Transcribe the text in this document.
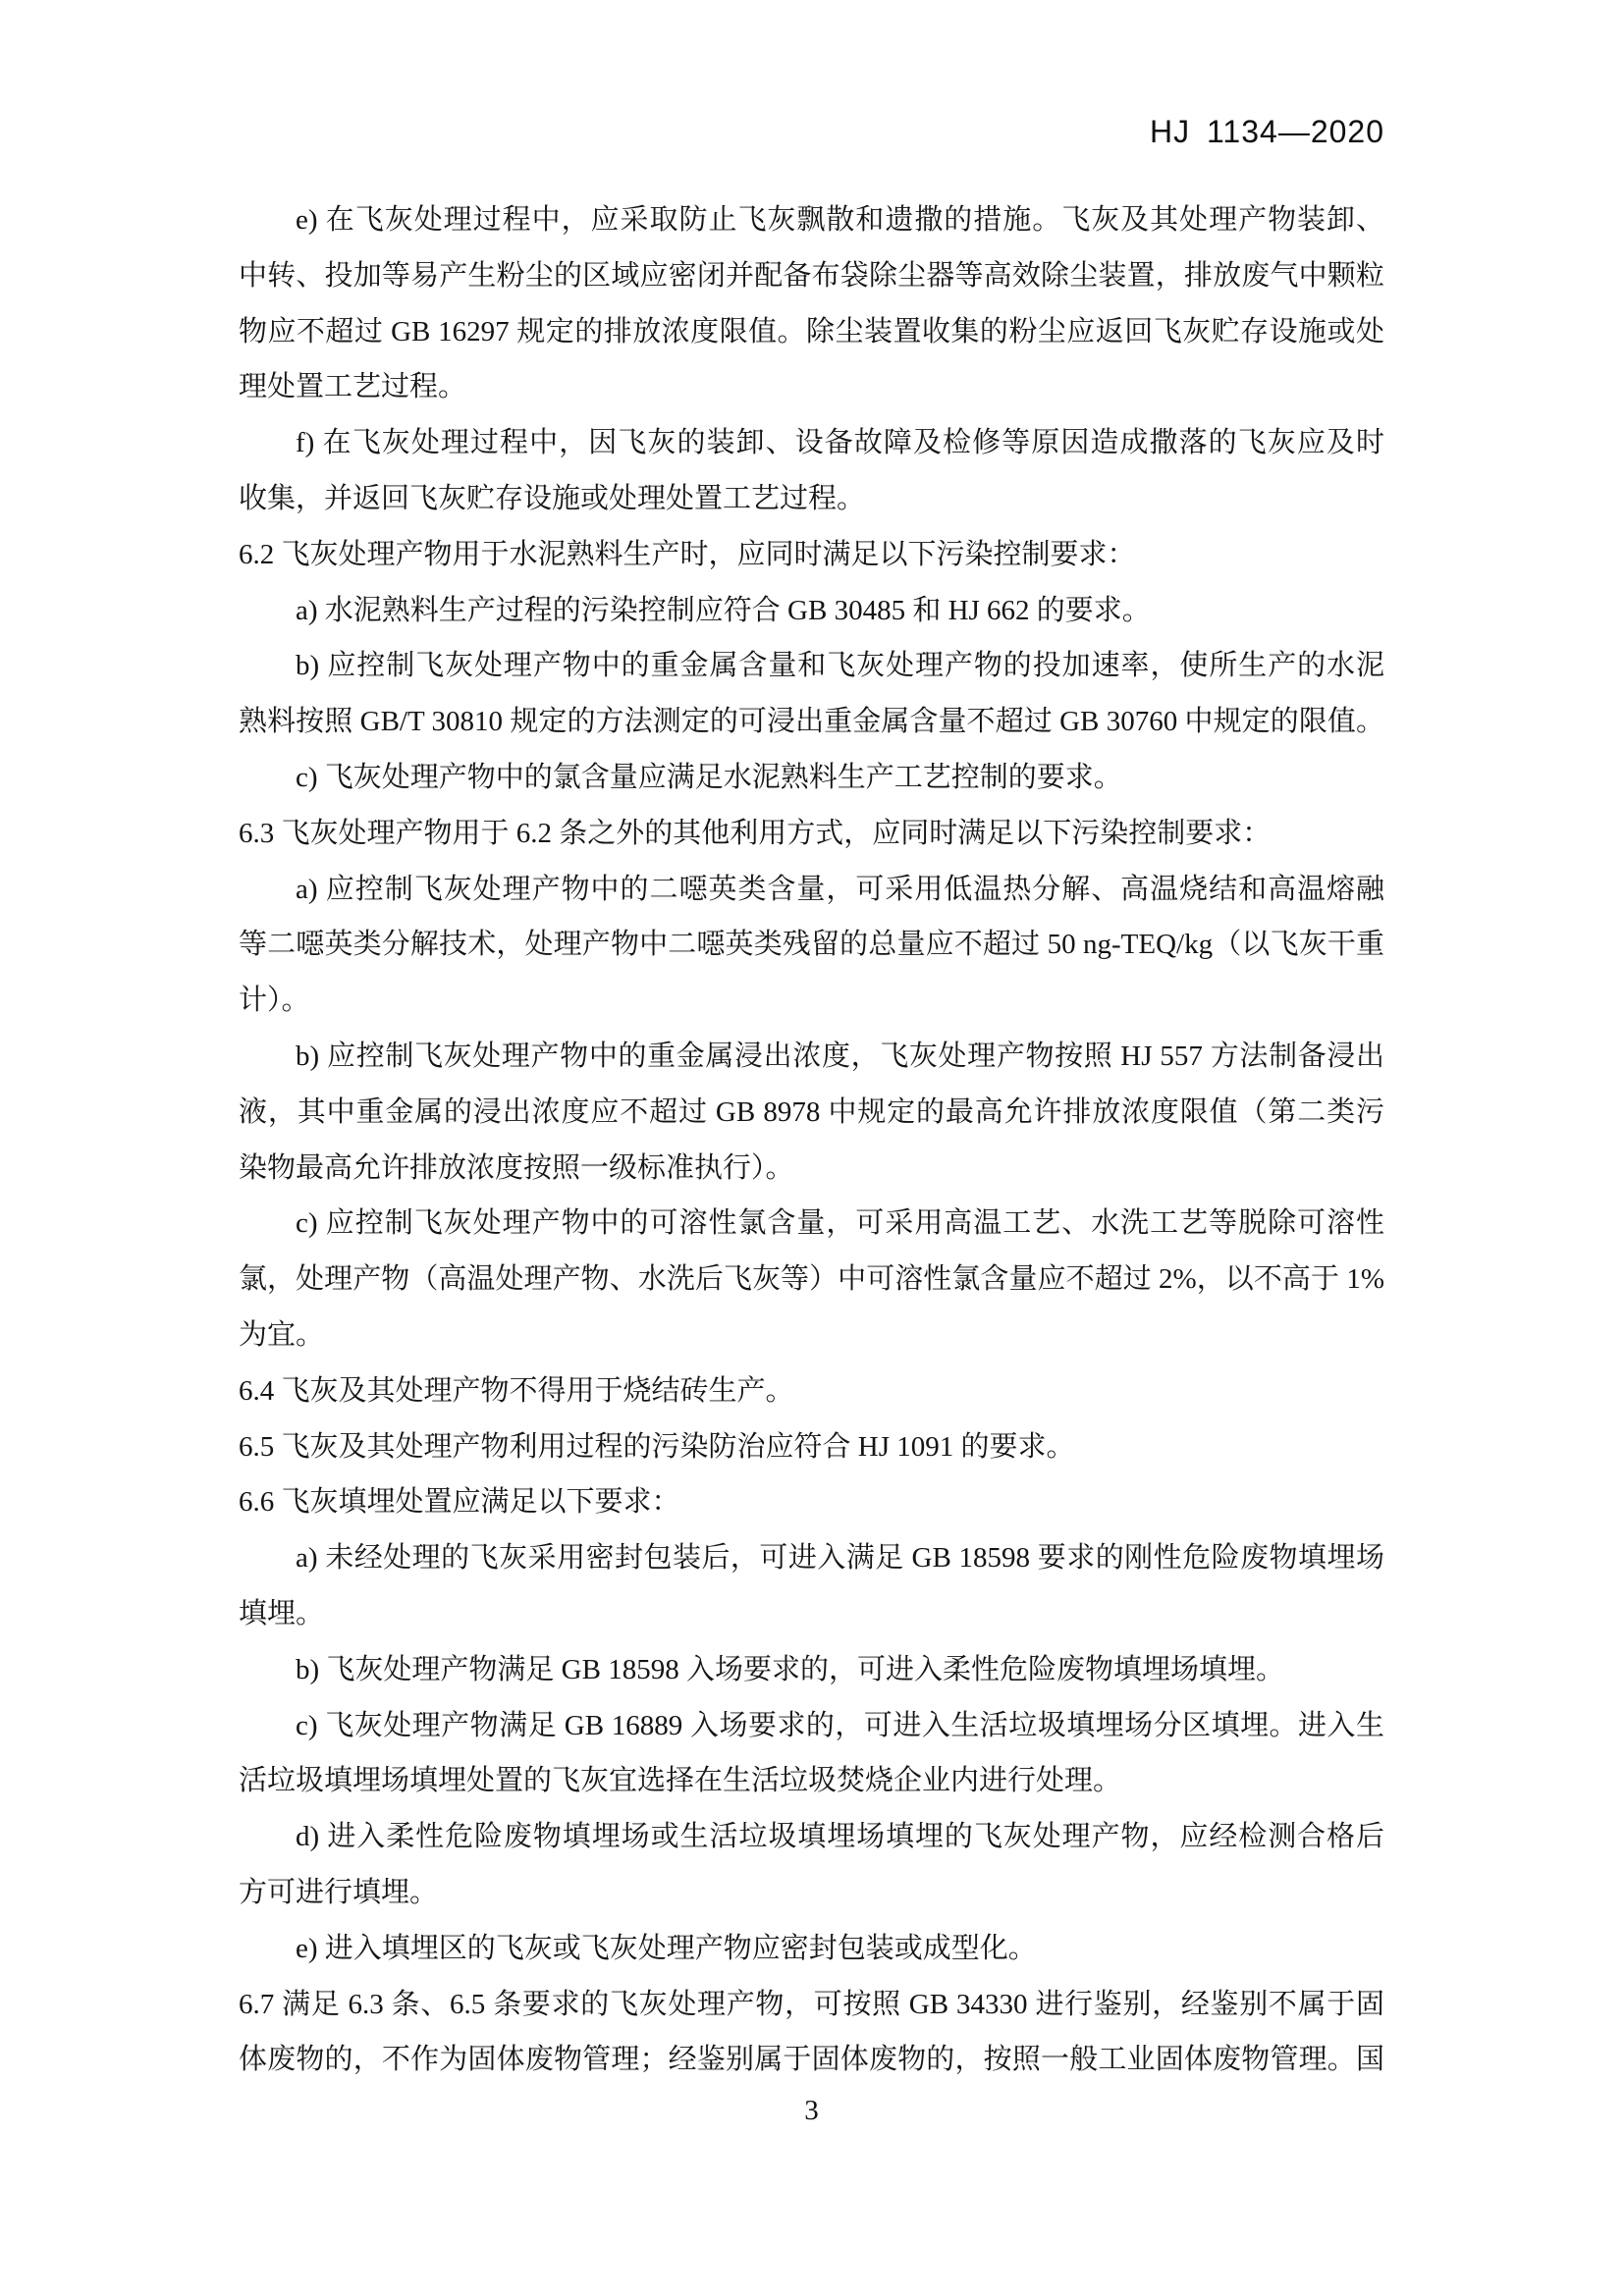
HJ 1134—2020
e) 在飞灰处理过程中，应采取防止飞灰飘散和遗撒的措施。飞灰及其处理产物装卸、
中转、投加等易产生粉尘的区域应密闭并配备布袋除尘器等高效除尘装置，排放废气中颗粒
物应不超过 GB 16297 规定的排放浓度限值。除尘装置收集的粉尘应返回飞灰贮存设施或处
理处置工艺过程。
f) 在飞灰处理过程中，因飞灰的装卸、设备故障及检修等原因造成撒落的飞灰应及时
收集，并返回飞灰贮存设施或处理处置工艺过程。
6.2 飞灰处理产物用于水泥熟料生产时，应同时满足以下污染控制要求：
a) 水泥熟料生产过程的污染控制应符合 GB 30485 和 HJ 662 的要求。
b) 应控制飞灰处理产物中的重金属含量和飞灰处理产物的投加速率，使所生产的水泥
熟料按照 GB/T 30810 规定的方法测定的可浸出重金属含量不超过 GB 30760 中规定的限值。
c) 飞灰处理产物中的氯含量应满足水泥熟料生产工艺控制的要求。
6.3 飞灰处理产物用于 6.2 条之外的其他利用方式，应同时满足以下污染控制要求：
a) 应控制飞灰处理产物中的二噁英类含量，可采用低温热分解、高温烧结和高温熔融
等二噁英类分解技术，处理产物中二噁英类残留的总量应不超过 50 ng-TEQ/kg（以飞灰干重
计）。
b) 应控制飞灰处理产物中的重金属浸出浓度，飞灰处理产物按照 HJ 557 方法制备浸出
液，其中重金属的浸出浓度应不超过 GB 8978 中规定的最高允许排放浓度限值（第二类污
染物最高允许排放浓度按照一级标准执行）。
c) 应控制飞灰处理产物中的可溶性氯含量，可采用高温工艺、水洗工艺等脱除可溶性
氯，处理产物（高温处理产物、水洗后飞灰等）中可溶性氯含量应不超过 2%，以不高于 1%
为宜。
6.4 飞灰及其处理产物不得用于烧结砖生产。
6.5 飞灰及其处理产物利用过程的污染防治应符合 HJ 1091 的要求。
6.6 飞灰填埋处置应满足以下要求：
a) 未经处理的飞灰采用密封包装后，可进入满足 GB 18598 要求的刚性危险废物填埋场
填埋。
b) 飞灰处理产物满足 GB 18598 入场要求的，可进入柔性危险废物填埋场填埋。
c) 飞灰处理产物满足 GB 16889 入场要求的，可进入生活垃圾填埋场分区填埋。进入生
活垃圾填埋场填埋处置的飞灰宜选择在生活垃圾焚烧企业内进行处理。
d) 进入柔性危险废物填埋场或生活垃圾填埋场填埋的飞灰处理产物，应经检测合格后
方可进行填埋。
e) 进入填埋区的飞灰或飞灰处理产物应密封包装或成型化。
6.7 满足 6.3 条、6.5 条要求的飞灰处理产物，可按照 GB 34330 进行鉴别，经鉴别不属于固
体废物的，不作为固体废物管理；经鉴别属于固体废物的，按照一般工业固体废物管理。国
3
